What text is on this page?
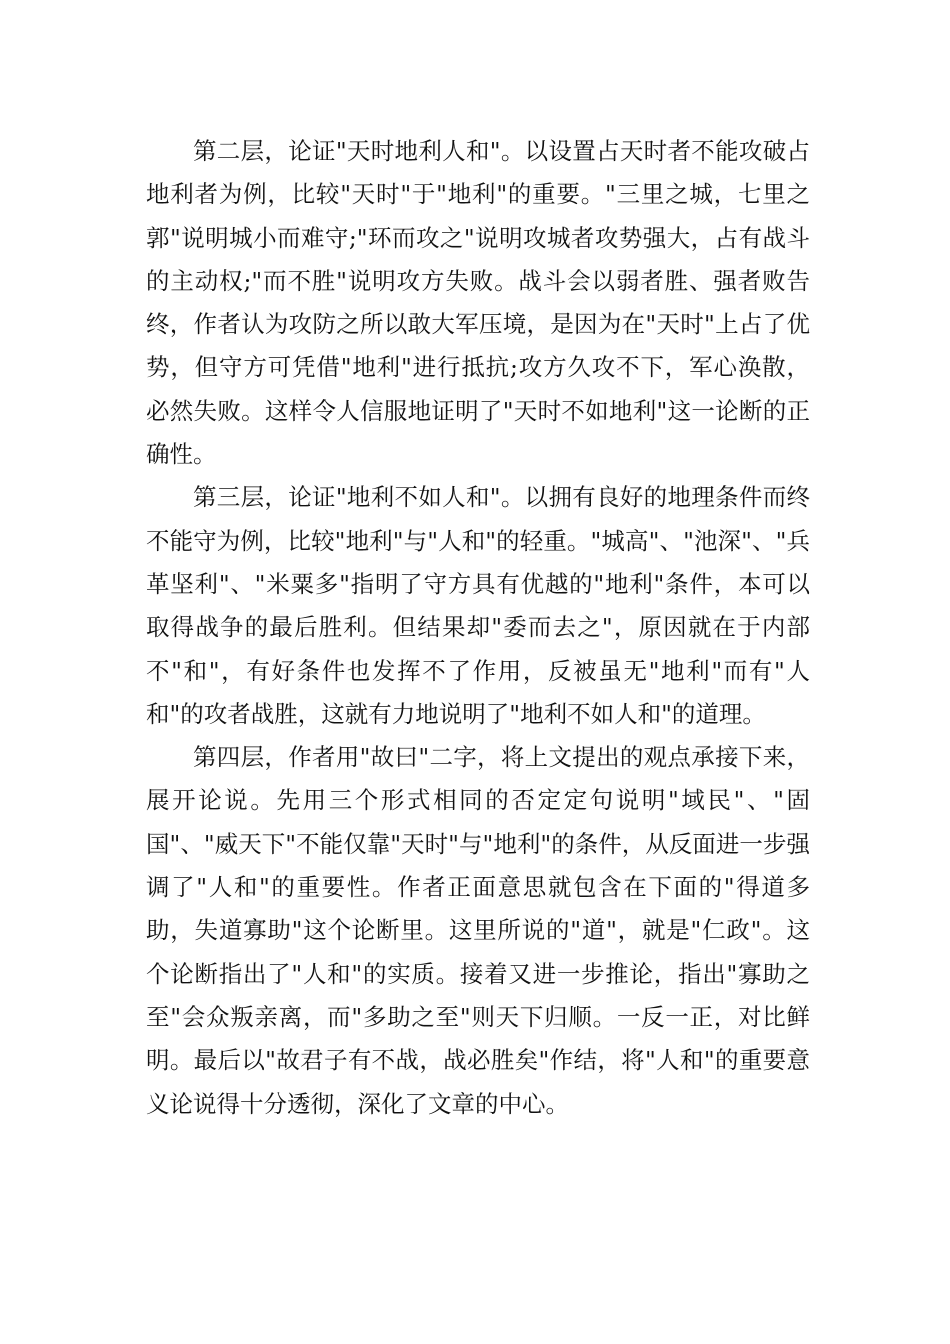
第二层，论证"天时地利人和"。以设置占天时者不能攻破占地利者为例，比较"天时"于"地利"的重要。"三里之城，七里之郭"说明城小而难守;"环而攻之"说明攻城者攻势强大，占有战斗的主动权;"而不胜"说明攻方失败。战斗会以弱者胜、强者败告终，作者认为攻防之所以敢大军压境，是因为在"天时"上占了优势，但守方可凭借"地利"进行抵抗;攻方久攻不下，军心涣散，必然失败。这样令人信服地证明了"天时不如地利"这一论断的正确性。

第三层，论证"地利不如人和"。以拥有良好的地理条件而终不能守为例，比较"地利"与"人和"的轻重。"城高"、"池深"、"兵革坚利"、"米粟多"指明了守方具有优越的"地利"条件，本可以取得战争的最后胜利。但结果却"委而去之"，原因就在于内部不"和"，有好条件也发挥不了作用，反被虽无"地利"而有"人和"的攻者战胜，这就有力地说明了"地利不如人和"的道理。

第四层，作者用"故曰"二字，将上文提出的观点承接下来，展开论说。先用三个形式相同的否定定句说明"域民"、"固国"、"威天下"不能仅靠"天时"与"地利"的条件，从反面进一步强调了"人和"的重要性。作者正面意思就包含在下面的"得道多助，失道寡助"这个论断里。这里所说的"道"，就是"仁政"。这个论断指出了"人和"的实质。接着又进一步推论，指出"寡助之至"会众叛亲离，而"多助之至"则天下归顺。一反一正，对比鲜明。最后以"故君子有不战，战必胜矣"作结，将"人和"的重要意义论说得十分透彻，深化了文章的中心。
